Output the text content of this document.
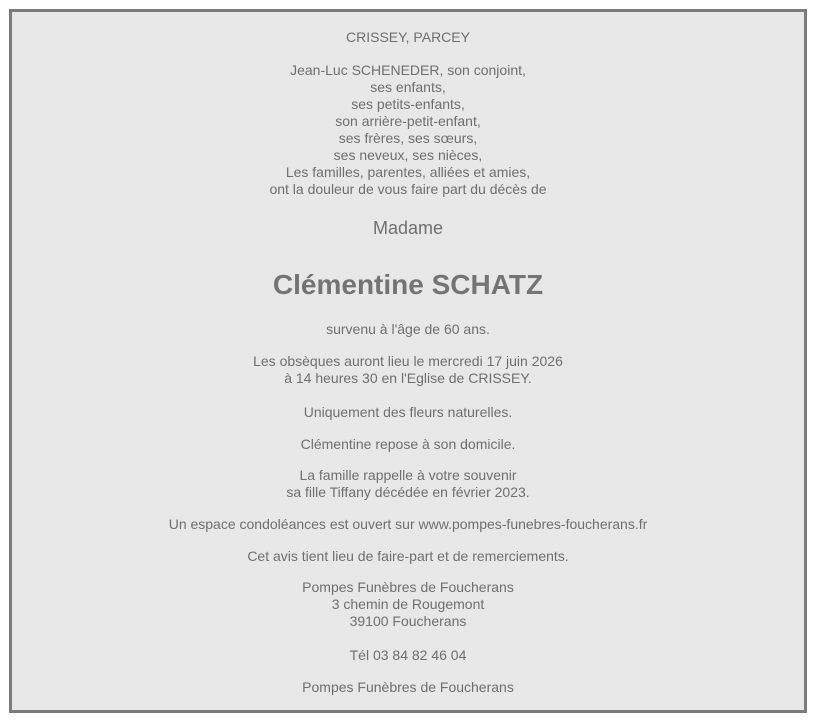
CRISSEY, PARCEY
Jean-Luc SCHENEDER, son conjoint,
ses enfants,
ses petits-enfants,
son arrière-petit-enfant,
ses frères, ses sœurs,
ses neveux, ses nièces,
Les familles, parentes, alliées et amies,
ont la douleur de vous faire part du décès de
Madame
Clémentine SCHATZ
survenu à l'âge de 60 ans.
Les obsèques auront lieu le mercredi 17 juin 2026
à 14 heures 30 en l'Eglise de CRISSEY.
Uniquement des fleurs naturelles.
Clémentine repose à son domicile.
La famille rappelle à votre souvenir
sa fille Tiffany décédée en février 2023.
Un espace condoléances est ouvert sur www.pompes-funebres-foucherans.fr
Cet avis tient lieu de faire-part et de remerciements.
Pompes Funèbres de Foucherans
3 chemin de Rougemont
39100 Foucherans
Tél 03 84 82 46 04
Pompes Funèbres de Foucherans
